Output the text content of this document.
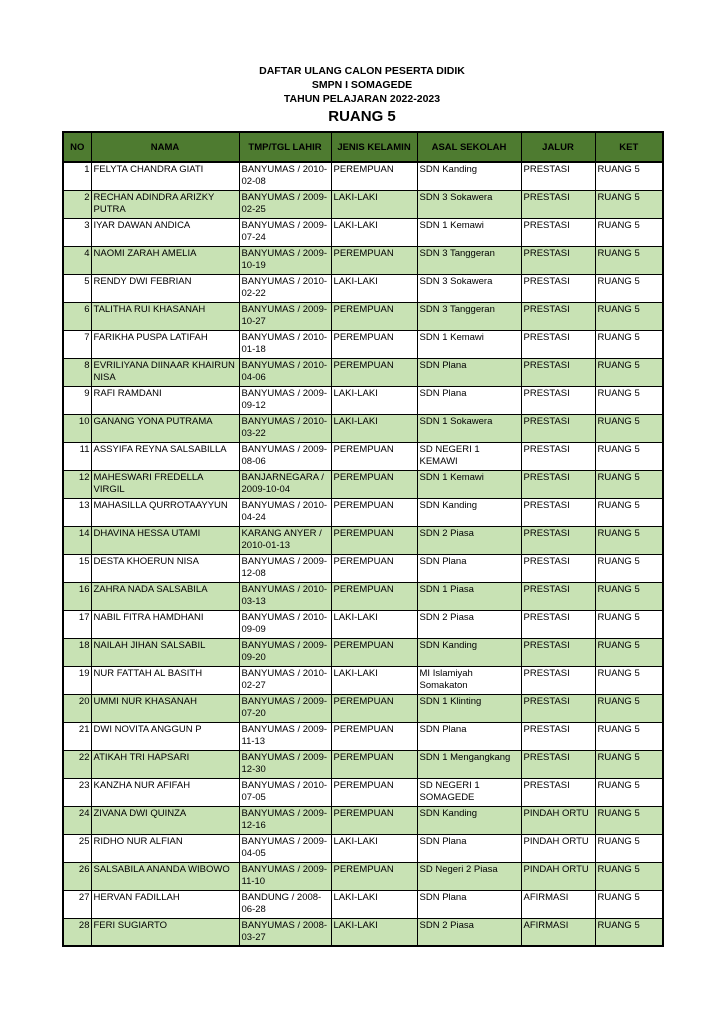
DAFTAR ULANG CALON PESERTA DIDIK
SMPN I SOMAGEDE
TAHUN PELAJARAN 2022-2023
RUANG 5
NO	NAMA	TMP/TGL LAHIR	JENIS KELAMIN	ASAL SEKOLAH	JALUR	KET
1	FELYTA CHANDRA GIATI	BANYUMAS / 2010-02-08	PEREMPUAN	SDN Kanding	PRESTASI	RUANG 5
2	RECHAN ADINDRA ARIZKY PUTRA	BANYUMAS / 2009-02-25	LAKI-LAKI	SDN 3 Sokawera	PRESTASI	RUANG 5
3	IYAR DAWAN ANDICA	BANYUMAS / 2009-07-24	LAKI-LAKI	SDN 1 Kemawi	PRESTASI	RUANG 5
4	NAOMI ZARAH AMELIA	BANYUMAS / 2009-10-19	PEREMPUAN	SDN 3 Tanggeran	PRESTASI	RUANG 5
5	RENDY DWI FEBRIAN	BANYUMAS / 2010-02-22	LAKI-LAKI	SDN 3 Sokawera	PRESTASI	RUANG 5
6	TALITHA RUI KHASANAH	BANYUMAS / 2009-10-27	PEREMPUAN	SDN 3 Tanggeran	PRESTASI	RUANG 5
7	FARIKHA PUSPA LATIFAH	BANYUMAS / 2010-01-18	PEREMPUAN	SDN 1 Kemawi	PRESTASI	RUANG 5
8	EVRILIYANA DIINAAR KHAIRUN NISA	BANYUMAS / 2010-04-06	PEREMPUAN	SDN Plana	PRESTASI	RUANG 5
9	RAFI RAMDANI	BANYUMAS / 2009-09-12	LAKI-LAKI	SDN Plana	PRESTASI	RUANG 5
10	GANANG YONA PUTRAMA	BANYUMAS / 2010-03-22	LAKI-LAKI	SDN 1 Sokawera	PRESTASI	RUANG 5
11	ASSYIFA REYNA SALSABILLA	BANYUMAS / 2009-08-06	PEREMPUAN	SD NEGERI 1 KEMAWI	PRESTASI	RUANG 5
12	MAHESWARI FREDELLA VIRGIL	BANJARNEGARA / 2009-10-04	PEREMPUAN	SDN 1 Kemawi	PRESTASI	RUANG 5
13	MAHASILLA QURROTAAYYUN	BANYUMAS / 2010-04-24	PEREMPUAN	SDN Kanding	PRESTASI	RUANG 5
14	DHAVINA HESSA UTAMI	KARANG ANYER / 2010-01-13	PEREMPUAN	SDN 2 Piasa	PRESTASI	RUANG 5
15	DESTA KHOERUN NISA	BANYUMAS / 2009-12-08	PEREMPUAN	SDN Plana	PRESTASI	RUANG 5
16	ZAHRA NADA SALSABILA	BANYUMAS / 2010-03-13	PEREMPUAN	SDN 1 Piasa	PRESTASI	RUANG 5
17	NABIL FITRA HAMDHANI	BANYUMAS / 2010-09-09	LAKI-LAKI	SDN 2 Piasa	PRESTASI	RUANG 5
18	NAILAH JIHAN SALSABIL	BANYUMAS / 2009-09-20	PEREMPUAN	SDN Kanding	PRESTASI	RUANG 5
19	NUR FATTAH AL BASITH	BANYUMAS / 2010-02-27	LAKI-LAKI	MI Islamiyah Somakaton	PRESTASI	RUANG 5
20	UMMI NUR KHASANAH	BANYUMAS / 2009-07-20	PEREMPUAN	SDN 1 Klinting	PRESTASI	RUANG 5
21	DWI NOVITA ANGGUN P	BANYUMAS / 2009-11-13	PEREMPUAN	SDN Plana	PRESTASI	RUANG 5
22	ATIKAH TRI HAPSARI	BANYUMAS / 2009-12-30	PEREMPUAN	SDN 1 Mengangkang	PRESTASI	RUANG 5
23	KANZHA NUR AFIFAH	BANYUMAS / 2010-07-05	PEREMPUAN	SD NEGERI 1 SOMAGEDE	PRESTASI	RUANG 5
24	ZIVANA DWI QUINZA	BANYUMAS / 2009-12-16	PEREMPUAN	SDN Kanding	PINDAH ORTU	RUANG 5
25	RIDHO NUR ALFIAN	BANYUMAS / 2009-04-05	LAKI-LAKI	SDN Plana	PINDAH ORTU	RUANG 5
26	SALSABILA ANANDA WIBOWO	BANYUMAS / 2009-11-10	PEREMPUAN	SD Negeri 2 Piasa	PINDAH ORTU	RUANG 5
27	HERVAN FADILLAH	BANDUNG / 2008-06-28	LAKI-LAKI	SDN Plana	AFIRMASI	RUANG 5
28	FERI SUGIARTO	BANYUMAS / 2008-03-27	LAKI-LAKI	SDN 2 Piasa	AFIRMASI	RUANG 5
